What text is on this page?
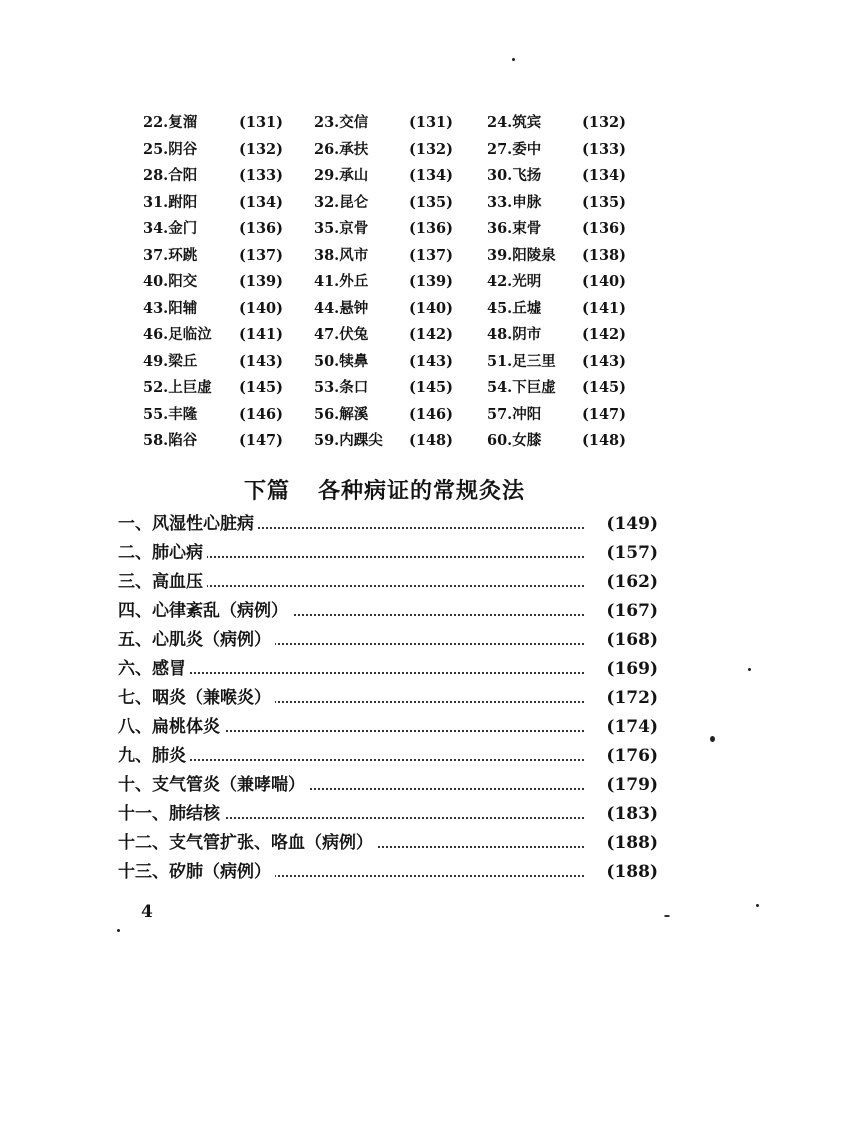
22.复溜	(131) 23.交信	(131) 24.筑宾	(132)
25.阴谷	(132) 26.承扶	(132) 27.委中	(133)
28.合阳	(133) 29.承山	(134) 30.飞扬	(134)
31.跗阳	(134) 32.昆仑	(135) 33.申脉	(135)
34.金门	(136) 35.京骨	(136) 36.束骨	(136)
37.环跳	(137) 38.风市	(137) 39.阳陵泉 (138)
40.阳交	(139) 41.外丘	(139) 42.光明	(140)
43.阳辅	(140) 44.悬钟	(140) 45.丘墟	(141)
46.足临泣 (141) 47.伏兔	(142) 48.阴市	(142)
49.梁丘	(143) 50.犊鼻	(143) 51.足三里 (143)
52.上巨虚 (145) 53.条口	(145) 54.下巨虚 (145)
55.丰隆	(146) 56.解溪	(146) 57.冲阳	(147)
58.陷谷	(147) 59.内踝尖 (148) 60.女膝	(148)
下篇 各种病证的常规灸法
一、风湿性心脏病	(149)
二、肺心病	(157)
三、高血压	(162)
四、心律紊乱（病例）	(167)
五、心肌炎（病例）	(168)
六、感冒	(169)
七、咽炎（兼喉炎）	(172)
八、扁桃体炎	(174)
九、肺炎	(176)
十、支气管炎（兼哮喘）	(179)
十一、肺结核	(183)
十二、支气管扩张、咯血（病例）	(188)
十三、矽肺（病例）	(188)
4
